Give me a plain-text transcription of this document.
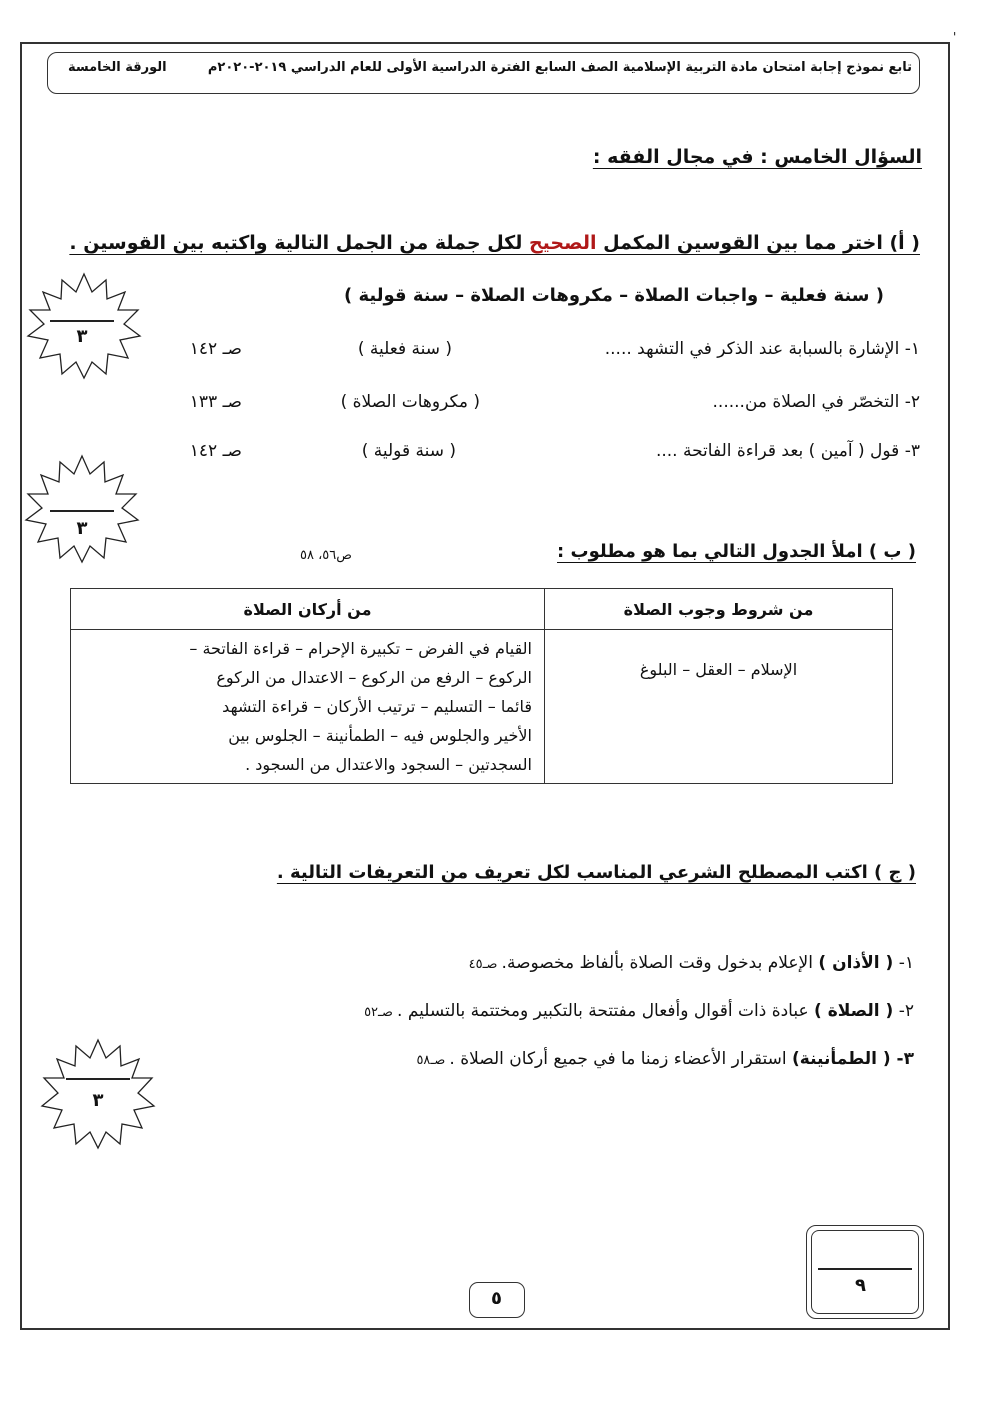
'
تابع نموذج إجابة امتحان مادة التربية الإسلامية الصف السابع الفترة الدراسية الأولى للعام الدراسي ٢٠١٩-٢٠٢٠م
الورقة الخامسة
السؤال الخامس : في مجال الفقه :
( أ) اختر مما بين القوسين المكمل الصحيح لكل جملة من الجمل التالية واكتبه بين القوسين .
( سنة فعلية – واجبات الصلاة – مكروهات الصلاة – سنة قولية )
١- الإشارة بالسبابة عند الذكر في التشهد .....
( سنة فعلية )
صـ ١٤٢
٢- التخصّر في الصلاة من......
( مكروهات الصلاة )
صـ ١٣٣
٣- قول ( آمين ) بعد قراءة الفاتحة ....
( سنة قولية )
صـ ١٤٢
( ب ) املأ الجدول التالي بما هو مطلوب :
ص٥٦، ٥٨
من شروط وجوب الصلاة	من أركان الصلاة
الإسلام – العقل – البلوغ	القيام في الفرض – تكبيرة الإحرام – قراءة الفاتحة –
الركوع – الرفع من الركوع – الاعتدال من الركوع
قائما – التسليم – ترتيب الأركان – قراءة التشهد
الأخير والجلوس فيه – الطمأنينة – الجلوس بين
السجدتين – السجود والاعتدال من السجود .
( ج ) اكتب المصطلح الشرعي المناسب لكل تعريف من التعريفات التالية .
١- ( الأذان ) الإعلام بدخول وقت الصلاة بألفاظ مخصوصة. صـ٤٥
٢- ( الصلاة ) عبادة ذات أقوال وأفعال مفتتحة بالتكبير ومختتمة بالتسليم . صـ٥٢
٣- ( الطمأنينة) استقرار الأعضاء زمنا ما في جميع أركان الصلاة . صـ٥٨
٣
٣
٣
٩
٥
